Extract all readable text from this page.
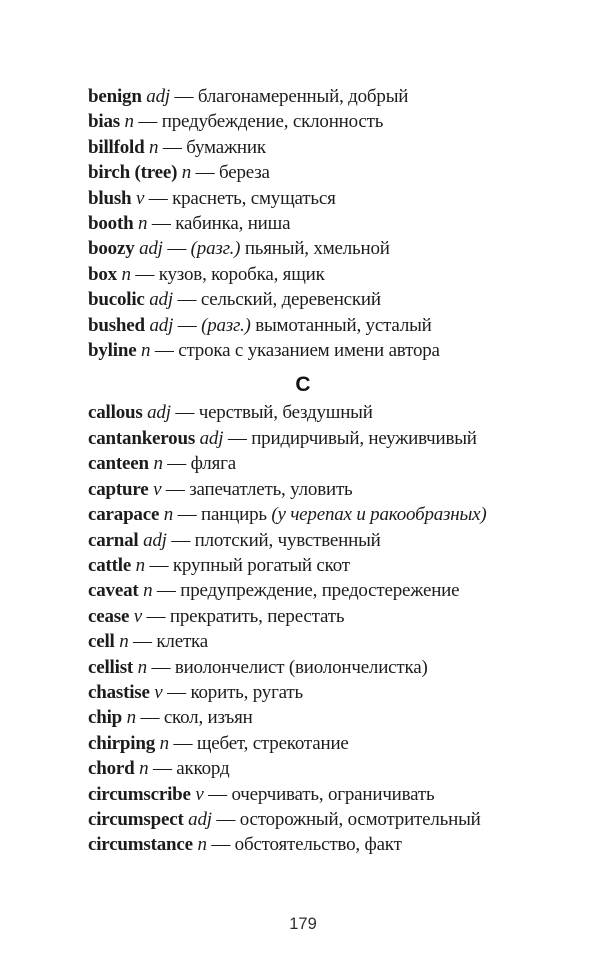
benign adj — благонамеренный, добрый
bias n — предубеждение, склонность
billfold n — бумажник
birch (tree) n — береза
blush v — краснеть, смущаться
booth n — кабинка, ниша
boozy adj — (разг.) пьяный, хмельной
box n — кузов, коробка, ящик
bucolic adj — сельский, деревенский
bushed adj — (разг.) вымотанный, усталый
byline n — строка с указанием имени автора
C
callous adj — черствый, бездушный
cantankerous adj — придирчивый, неуживчивый
canteen n — фляга
capture v — запечатлеть, уловить
carapace n — панцирь (у черепах и ракообразных)
carnal adj — плотский, чувственный
cattle n — крупный рогатый скот
caveat n — предупреждение, предостережение
cease v — прекратить, перестать
cell n — клетка
cellist n — виолончелист (виолончелистка)
chastise v — корить, ругать
chip n — скол, изъян
chirping n — щебет, стрекотание
chord n — аккорд
circumscribe v — очерчивать, ограничивать
circumspect adj — осторожный, осмотрительный
circumstance n — обстоятельство, факт
179
